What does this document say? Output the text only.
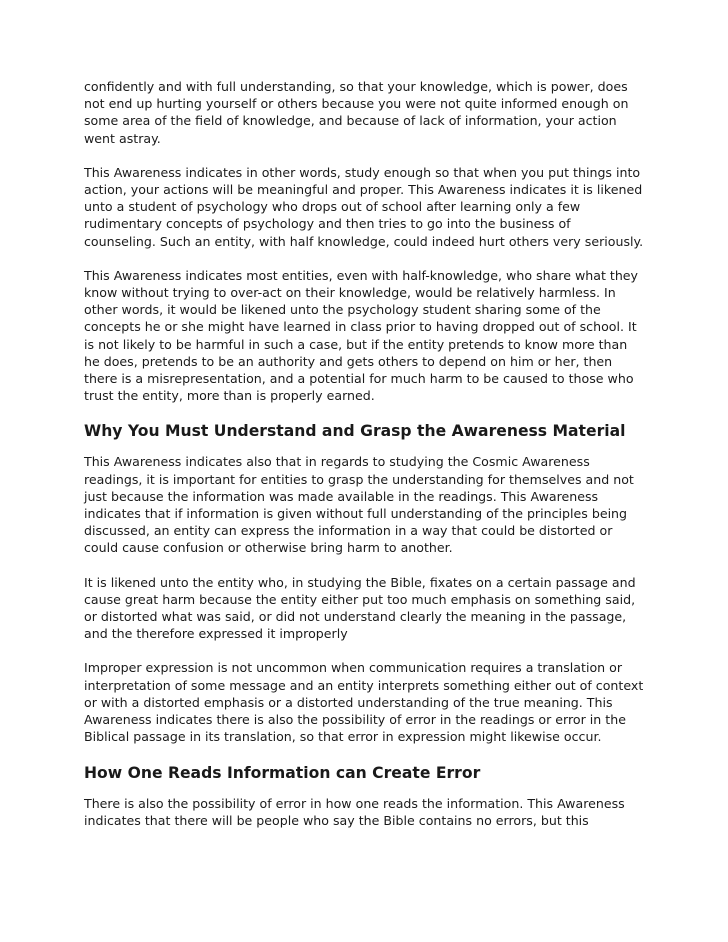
confidently and with full understanding, so that your knowledge, which is power, does not end up hurting yourself or others because you were not quite informed enough on some area of the field of knowledge, and because of lack of information, your action went astray.

This Awareness indicates in other words, study enough so that when you put things into action, your actions will be meaningful and proper. This Awareness indicates it is likened unto a student of psychology who drops out of school after learning only a few rudimentary concepts of psychology and then tries to go into the business of counseling. Such an entity, with half knowledge, could indeed hurt others very seriously.

This Awareness indicates most entities, even with half-knowledge, who share what they know without trying to over-act on their knowledge, would be relatively harmless. In other words, it would be likened unto the psychology student sharing some of the concepts he or she might have learned in class prior to having dropped out of school. It is not likely to be harmful in such a case, but if the entity pretends to know more than he does, pretends to be an authority and gets others to depend on him or her, then there is a misrepresentation, and a potential for much harm to be caused to those who trust the entity, more than is properly earned.

Why You Must Understand and Grasp the Awareness Material

This Awareness indicates also that in regards to studying the Cosmic Awareness readings, it is important for entities to grasp the understanding for themselves and not just because the information was made available in the readings. This Awareness indicates that if information is given without full understanding of the principles being discussed, an entity can express the information in a way that could be distorted or could cause confusion or otherwise bring harm to another.

It is likened unto the entity who, in studying the Bible, fixates on a certain passage and cause great harm because the entity either put too much emphasis on something said, or distorted what was said, or did not understand clearly the meaning in the passage, and the therefore expressed it improperly

Improper expression is not uncommon when communication requires a translation or interpretation of some message and an entity interprets something either out of context or with a distorted emphasis or a distorted understanding of the true meaning. This Awareness indicates there is also the possibility of error in the readings or error in the Biblical passage in its translation, so that error in expression might likewise occur.

How One Reads Information can Create Error

There is also the possibility of error in how one reads the information. This Awareness indicates that there will be people who say the Bible contains no errors, but this
